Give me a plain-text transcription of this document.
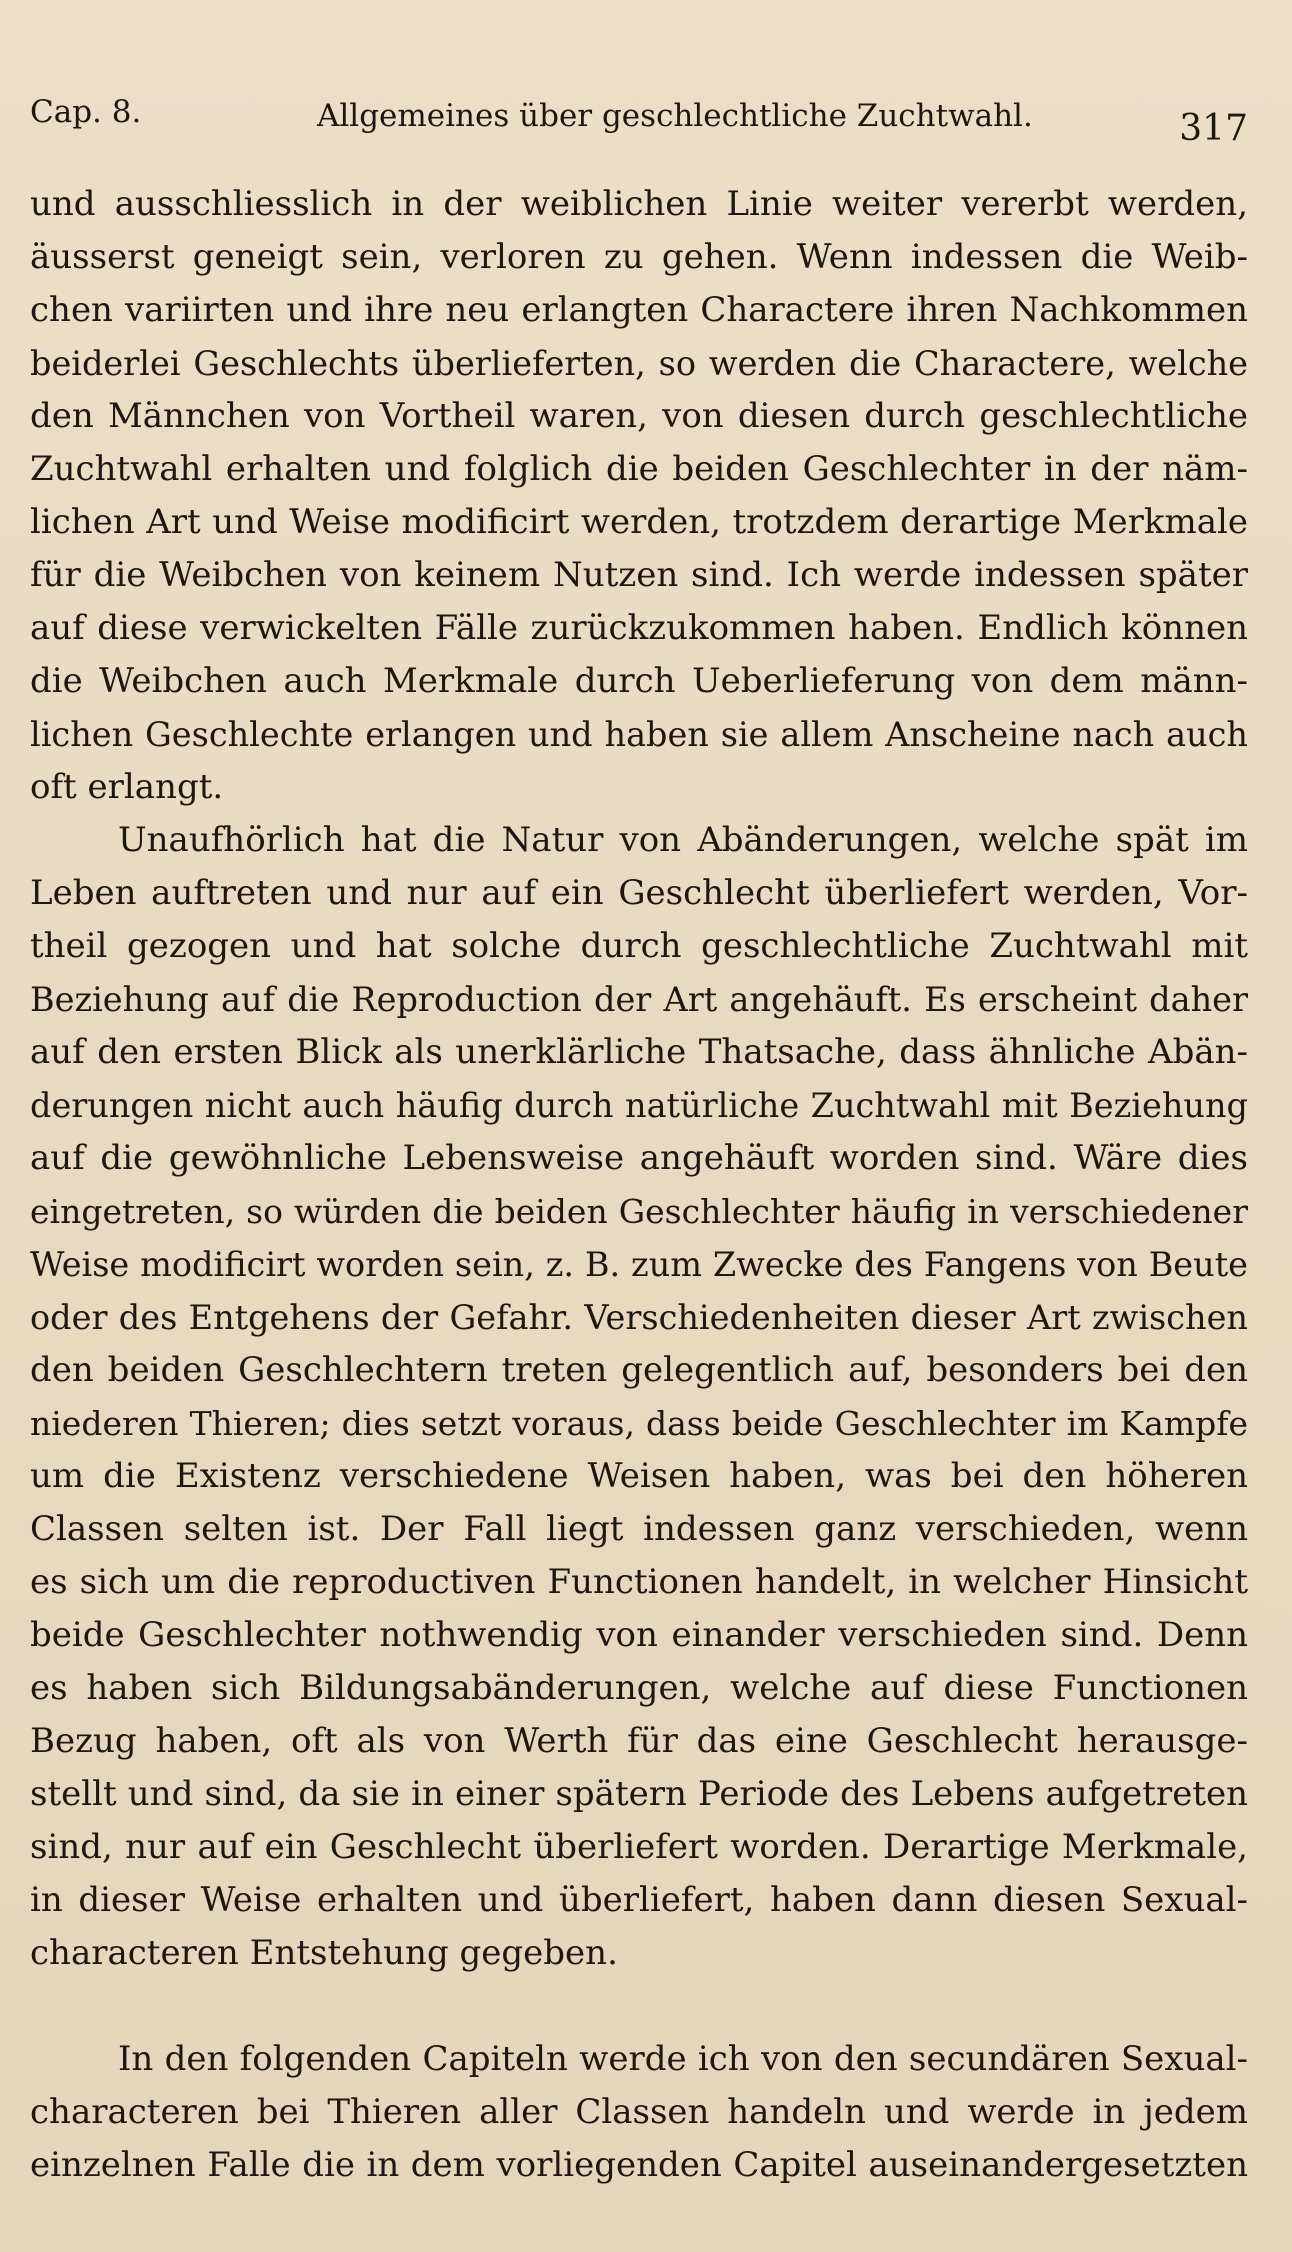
Cap. 8.	Allgemeines über geschlechtliche Zuchtwahl.	317
und ausschliesslich in der weiblichen Linie weiter vererbt werden,
äusserst geneigt sein, verloren zu gehen. Wenn indessen die Weib-
chen variirten und ihre neu erlangten Charactere ihren Nachkommen
beiderlei Geschlechts überlieferten, so werden die Charactere, welche
den Männchen von Vortheil waren, von diesen durch geschlechtliche
Zuchtwahl erhalten und folglich die beiden Geschlechter in der näm-
lichen Art und Weise modificirt werden, trotzdem derartige Merkmale
für die Weibchen von keinem Nutzen sind. Ich werde indessen später
auf diese verwickelten Fälle zurückzukommen haben. Endlich können
die Weibchen auch Merkmale durch Ueberlieferung von dem männ-
lichen Geschlechte erlangen und haben sie allem Anscheine nach auch
oft erlangt.
Unaufhörlich hat die Natur von Abänderungen, welche spät im
Leben auftreten und nur auf ein Geschlecht überliefert werden, Vor-
theil gezogen und hat solche durch geschlechtliche Zuchtwahl mit
Beziehung auf die Reproduction der Art angehäuft. Es erscheint daher
auf den ersten Blick als unerklärliche Thatsache, dass ähnliche Abän-
derungen nicht auch häufig durch natürliche Zuchtwahl mit Beziehung
auf die gewöhnliche Lebensweise angehäuft worden sind. Wäre dies
eingetreten, so würden die beiden Geschlechter häufig in verschiedener
Weise modificirt worden sein, z. B. zum Zwecke des Fangens von Beute
oder des Entgehens der Gefahr. Verschiedenheiten dieser Art zwischen
den beiden Geschlechtern treten gelegentlich auf, besonders bei den
niederen Thieren; dies setzt voraus, dass beide Geschlechter im Kampfe
um die Existenz verschiedene Weisen haben, was bei den höheren
Classen selten ist. Der Fall liegt indessen ganz verschieden, wenn
es sich um die reproductiven Functionen handelt, in welcher Hinsicht
beide Geschlechter nothwendig von einander verschieden sind. Denn
es haben sich Bildungsabänderungen, welche auf diese Functionen
Bezug haben, oft als von Werth für das eine Geschlecht herausge-
stellt und sind, da sie in einer spätern Periode des Lebens aufgetreten
sind, nur auf ein Geschlecht überliefert worden. Derartige Merkmale,
in dieser Weise erhalten und überliefert, haben dann diesen Sexual-
characteren Entstehung gegeben.
In den folgenden Capiteln werde ich von den secundären Sexual-
characteren bei Thieren aller Classen handeln und werde in jedem
einzelnen Falle die in dem vorliegenden Capitel auseinandergesetzten
